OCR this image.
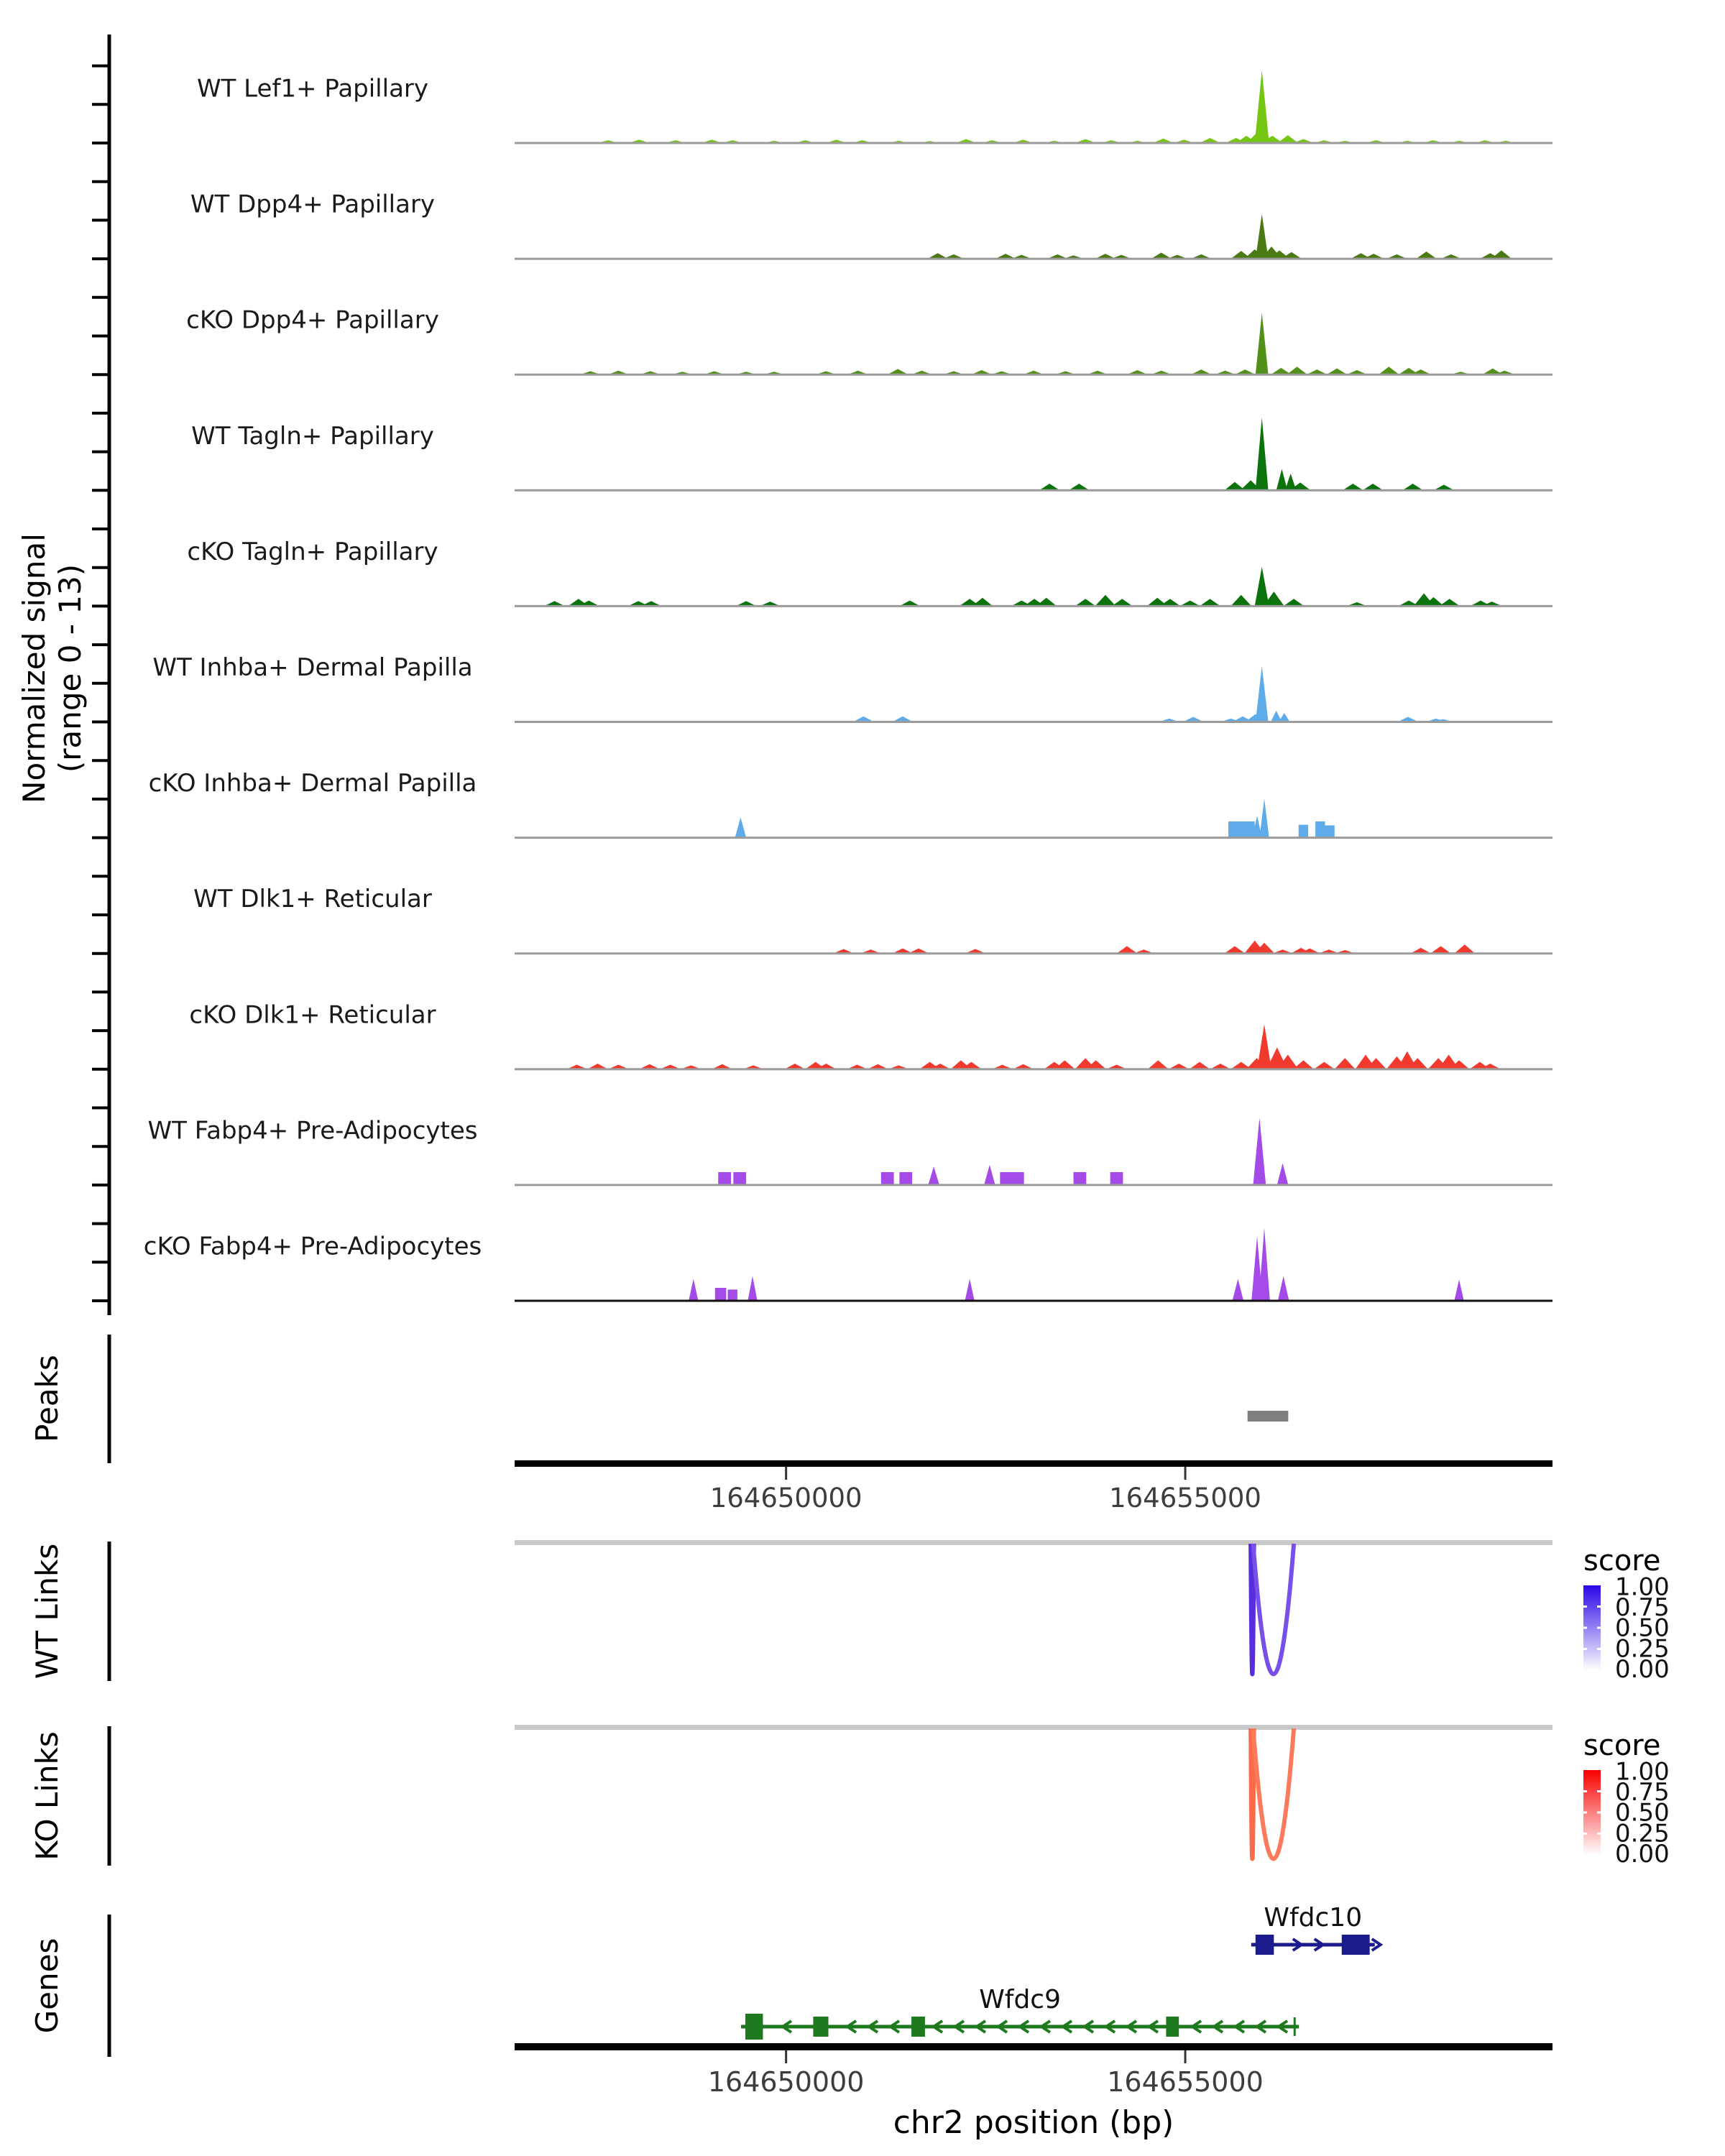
Normalized signal (range 0 - 13)
WT Lef1+ Papillary
WT Dpp4+ Papillary
cKO Dpp4+ Papillary
WT Tagln+ Papillary
cKO Tagln+ Papillary
WT Inhba+ Dermal Papilla
cKO Inhba+ Dermal Papilla
WT Dlk1+ Reticular
cKO Dlk1+ Reticular
WT Fabp4+ Pre-Adipocytes
cKO Fabp4+ Pre-Adipocytes
Peaks
164650000	164655000
score
1.00
0.75
0.50
0.25
0.00
WT Links
score
1.00
0.75
0.50
0.25
0.00
KO Links
Genes
Wfdc10
Wfdc9
164650000	164655000
chr2 position (bp)
